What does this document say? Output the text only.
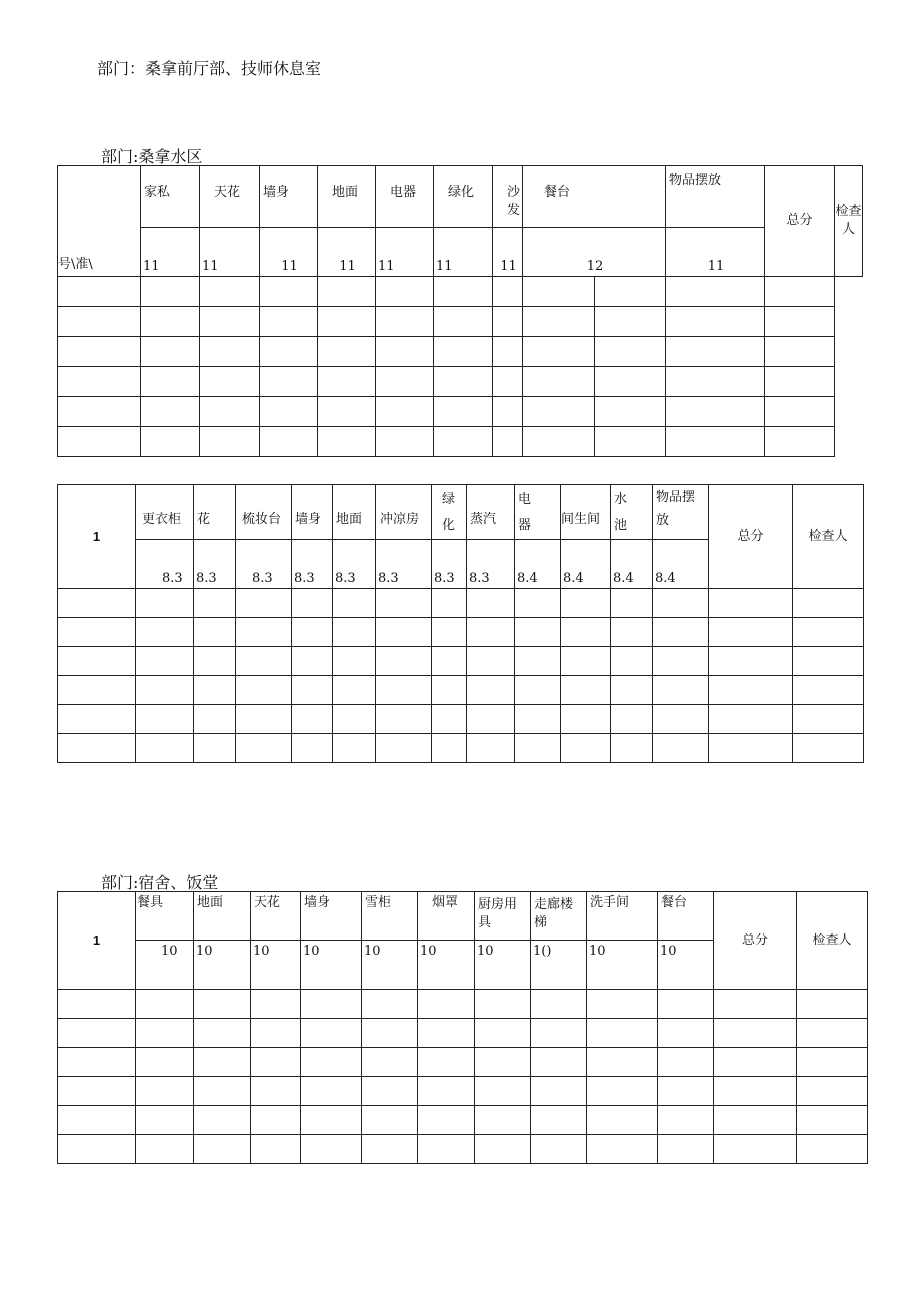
部门：桑拿前厅部、技师休息室
部门:桑拿水区
号\准\	家私	天花	墙身	地面	电器	绿化	沙发	餐台		物品摆放	总分	检查人
	11	11	11	11	11	11	11	12		11		

1	更衣柜	花	梳妆台	墙身	地面	冲凉房	绿化	蒸汽	电器	间生间	水池	物品摆放	总分	检查人
	8.3	8.3	8.3	8.3	8.3	8.3	8.3	8.3	8.4	8.4	8.4	8.4		

部门:宿舍、饭堂
1	餐具	地面	天花	墙身	雪柜	烟罩	厨房用具	走廊楼梯	洗手间	餐台	总分	检查人
	10	10	10	10	10	10	10	1()	10	10		
